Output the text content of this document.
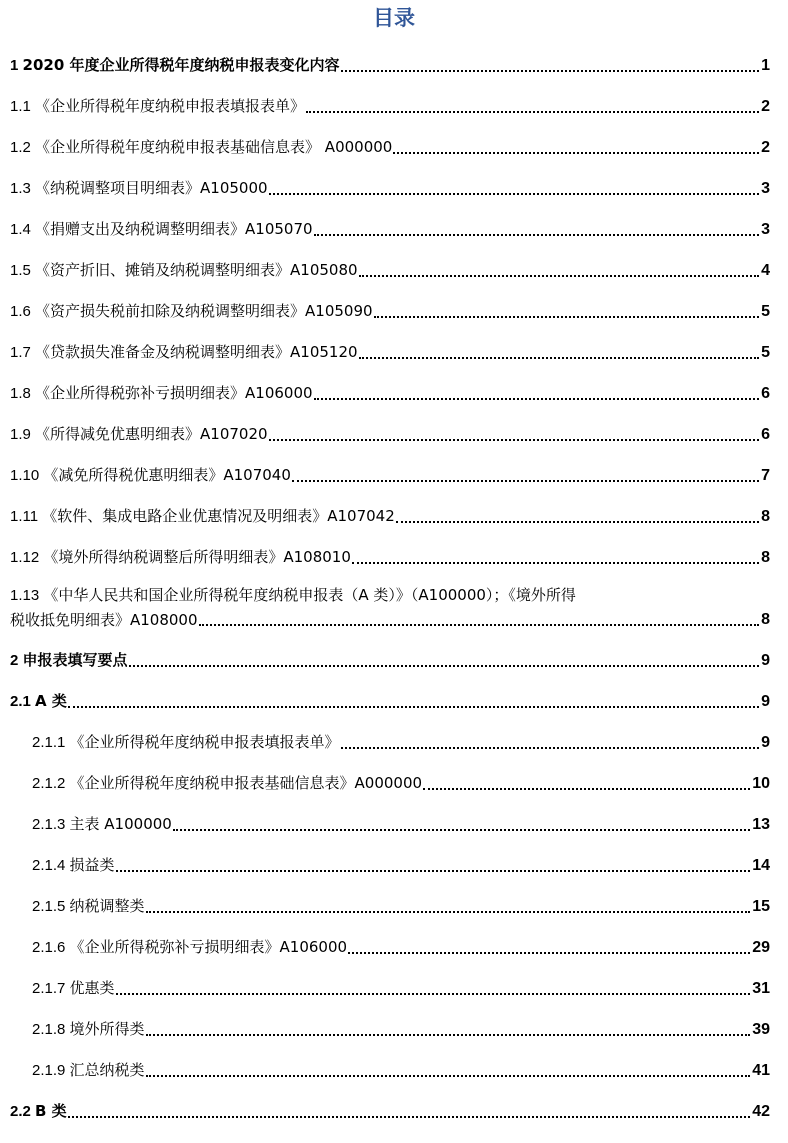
目录
1 2020 年度企业所得税年度纳税申报表变化内容	1
1.1 《企业所得税年度纳税申报表填报表单》	2
1.2 《企业所得税年度纳税申报表基础信息表》 A000000	2
1.3 《纳税调整项目明细表》A105000	3
1.4 《捐赠支出及纳税调整明细表》A105070	3
1.5 《资产折旧、摊销及纳税调整明细表》A105080	4
1.6 《资产损失税前扣除及纳税调整明细表》A105090	5
1.7 《贷款损失准备金及纳税调整明细表》A105120	5
1.8 《企业所得税弥补亏损明细表》A106000	6
1.9 《所得减免优惠明细表》A107020	6
1.10 《减免所得税优惠明细表》A107040	7
1.11 《软件、集成电路企业优惠情况及明细表》A107042	8
1.12 《境外所得纳税调整后所得明细表》A108010	8
1.13 《中华人民共和国企业所得税年度纳税申报表（A 类）》（A100000）；《境外所得
税收抵免明细表》A108000	8
2 申报表填写要点	9
2.1 A 类	9
2.1.1 《企业所得税年度纳税申报表填报表单》	9
2.1.2 《企业所得税年度纳税申报表基础信息表》A000000	10
2.1.3 主表 A100000	13
2.1.4 损益类	14
2.1.5 纳税调整类	15
2.1.6 《企业所得税弥补亏损明细表》A106000	29
2.1.7 优惠类	31
2.1.8 境外所得类	39
2.1.9 汇总纳税类	41
2.2 B 类	42
